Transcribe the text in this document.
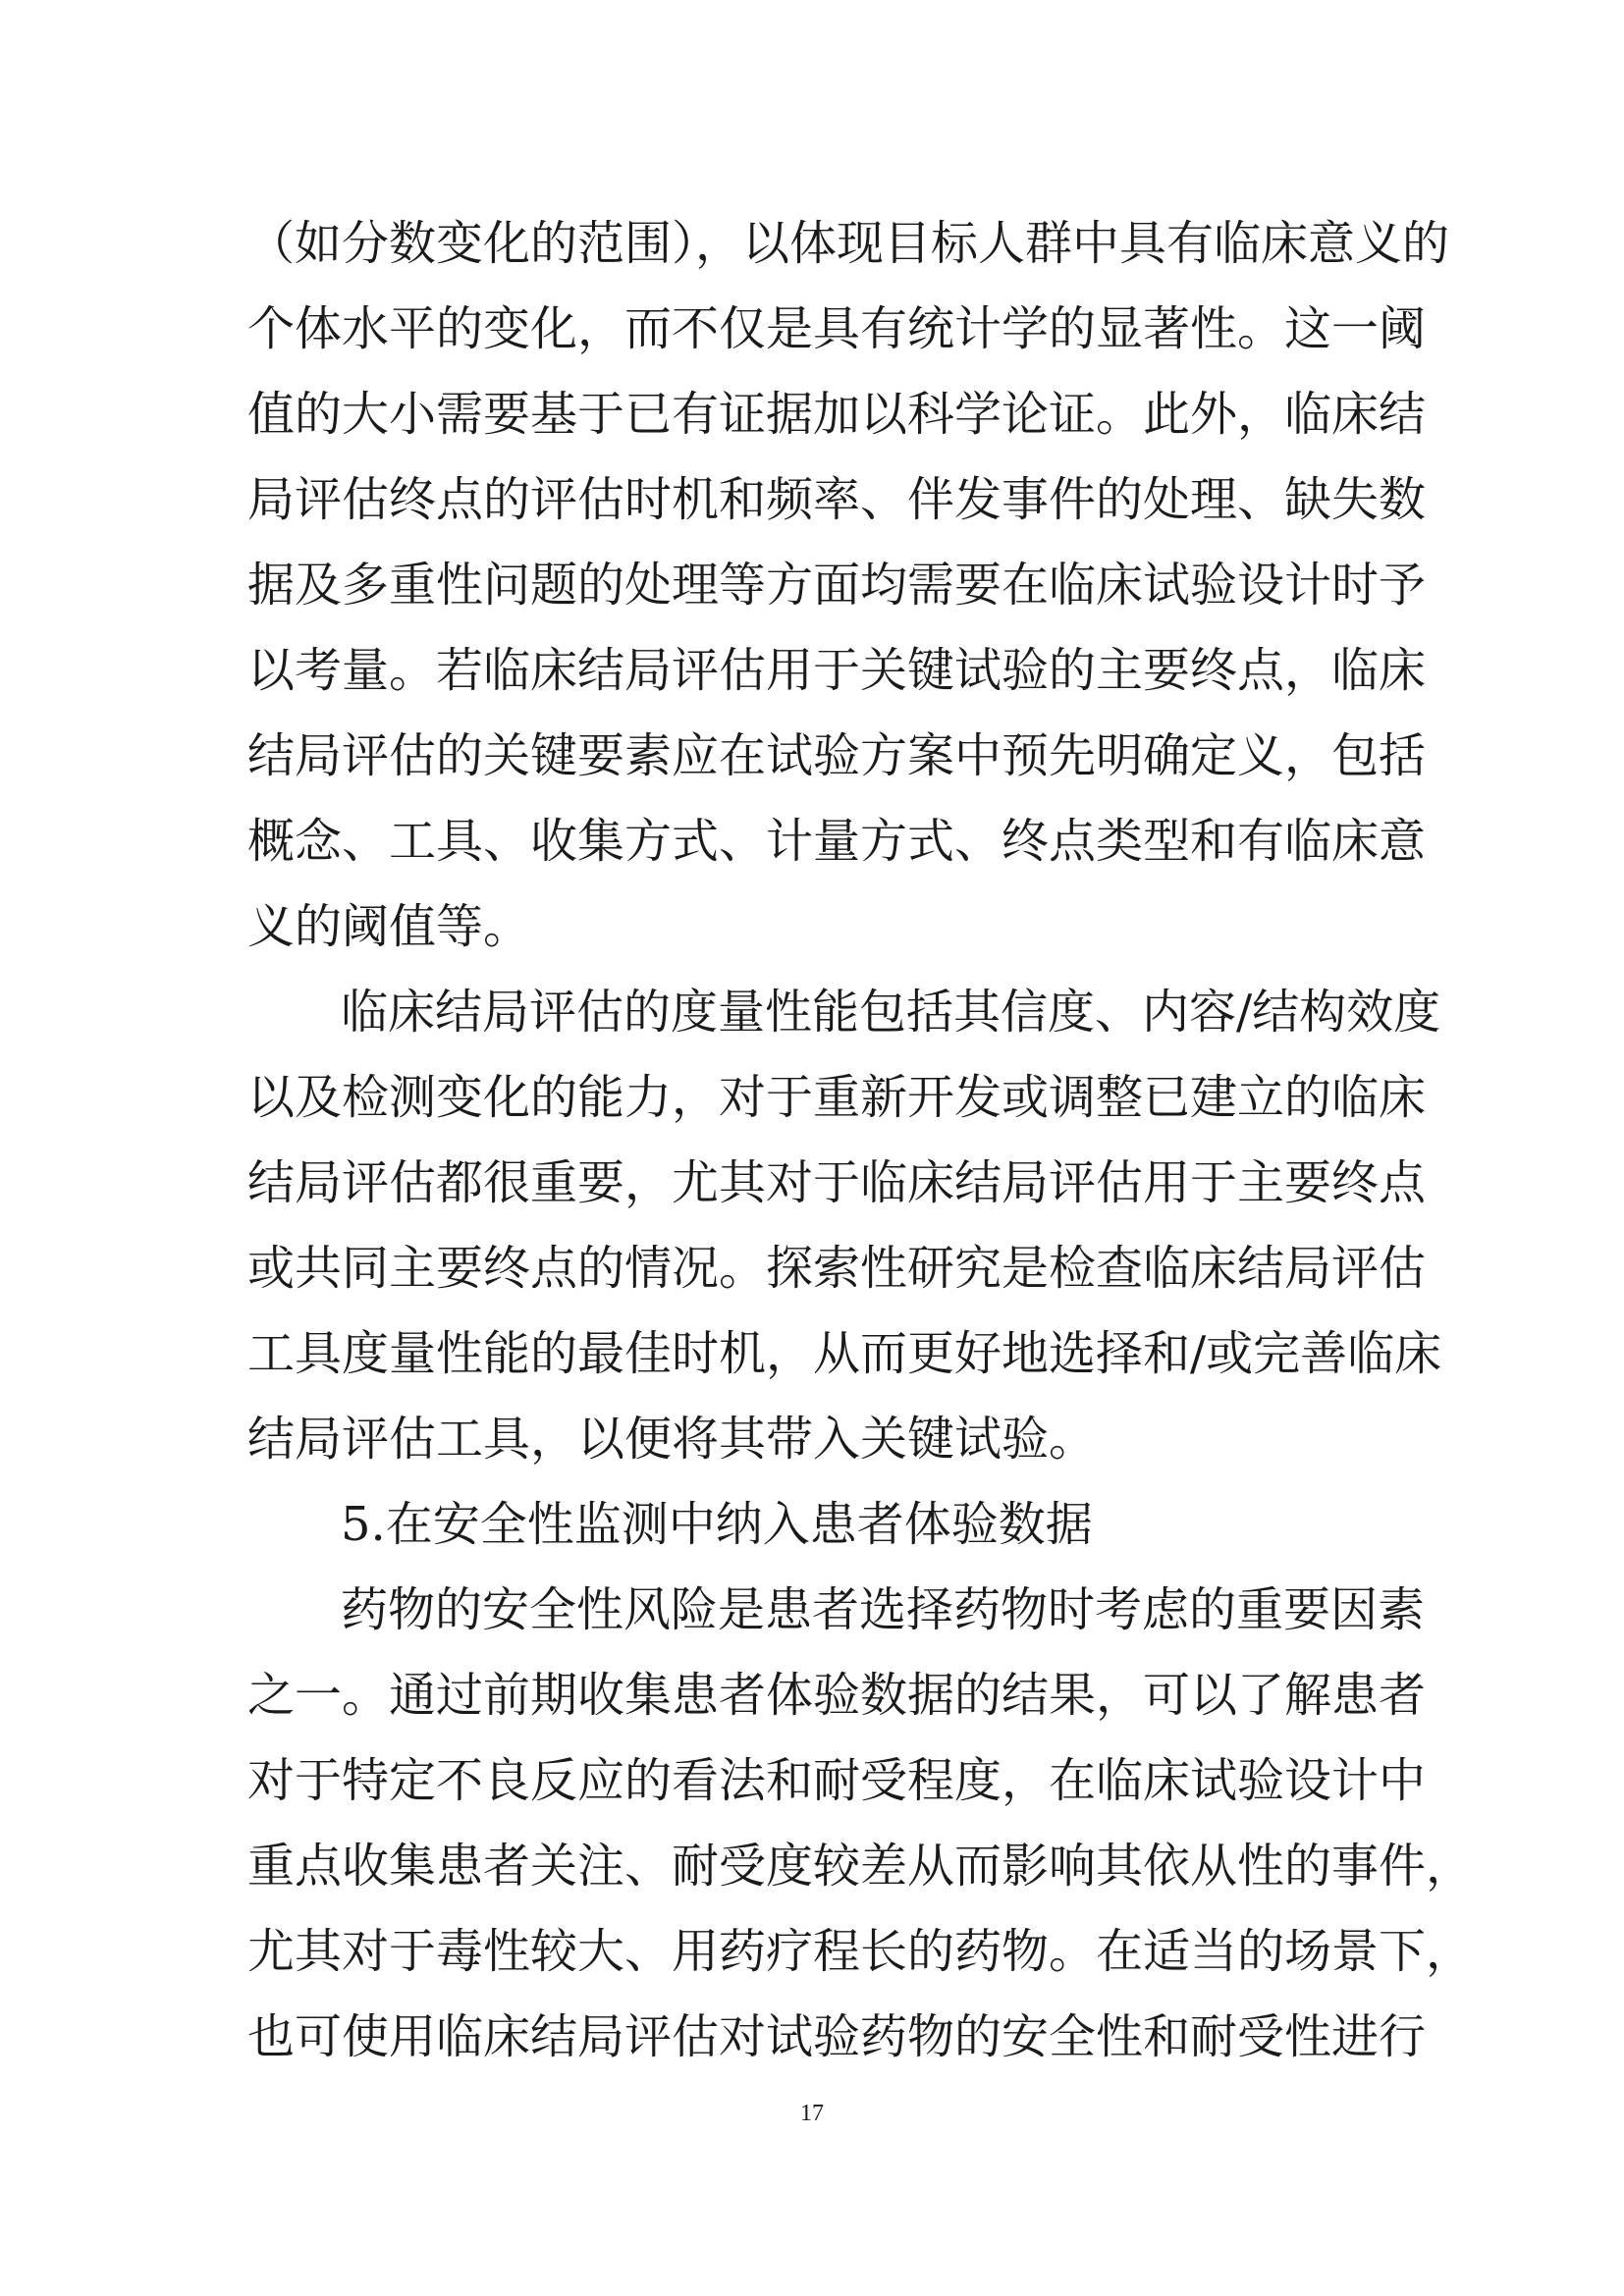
（如分数变化的范围），以体现目标人群中具有临床意义的
个体水平的变化，而不仅是具有统计学的显著性。这一阈
值的大小需要基于已有证据加以科学论证。此外，临床结
局评估终点的评估时机和频率、伴发事件的处理、缺失数
据及多重性问题的处理等方面均需要在临床试验设计时予
以考量。若临床结局评估用于关键试验的主要终点，临床
结局评估的关键要素应在试验方案中预先明确定义，包括
概念、工具、收集方式、计量方式、终点类型和有临床意
义的阈值等。
临床结局评估的度量性能包括其信度、内容/结构效度
以及检测变化的能力，对于重新开发或调整已建立的临床
结局评估都很重要，尤其对于临床结局评估用于主要终点
或共同主要终点的情况。探索性研究是检查临床结局评估
工具度量性能的最佳时机，从而更好地选择和/或完善临床
结局评估工具，以便将其带入关键试验。
5.在安全性监测中纳入患者体验数据
药物的安全性风险是患者选择药物时考虑的重要因素
之一。通过前期收集患者体验数据的结果，可以了解患者
对于特定不良反应的看法和耐受程度，在临床试验设计中
重点收集患者关注、耐受度较差从而影响其依从性的事件，
尤其对于毒性较大、用药疗程长的药物。在适当的场景下，
也可使用临床结局评估对试验药物的安全性和耐受性进行
17
